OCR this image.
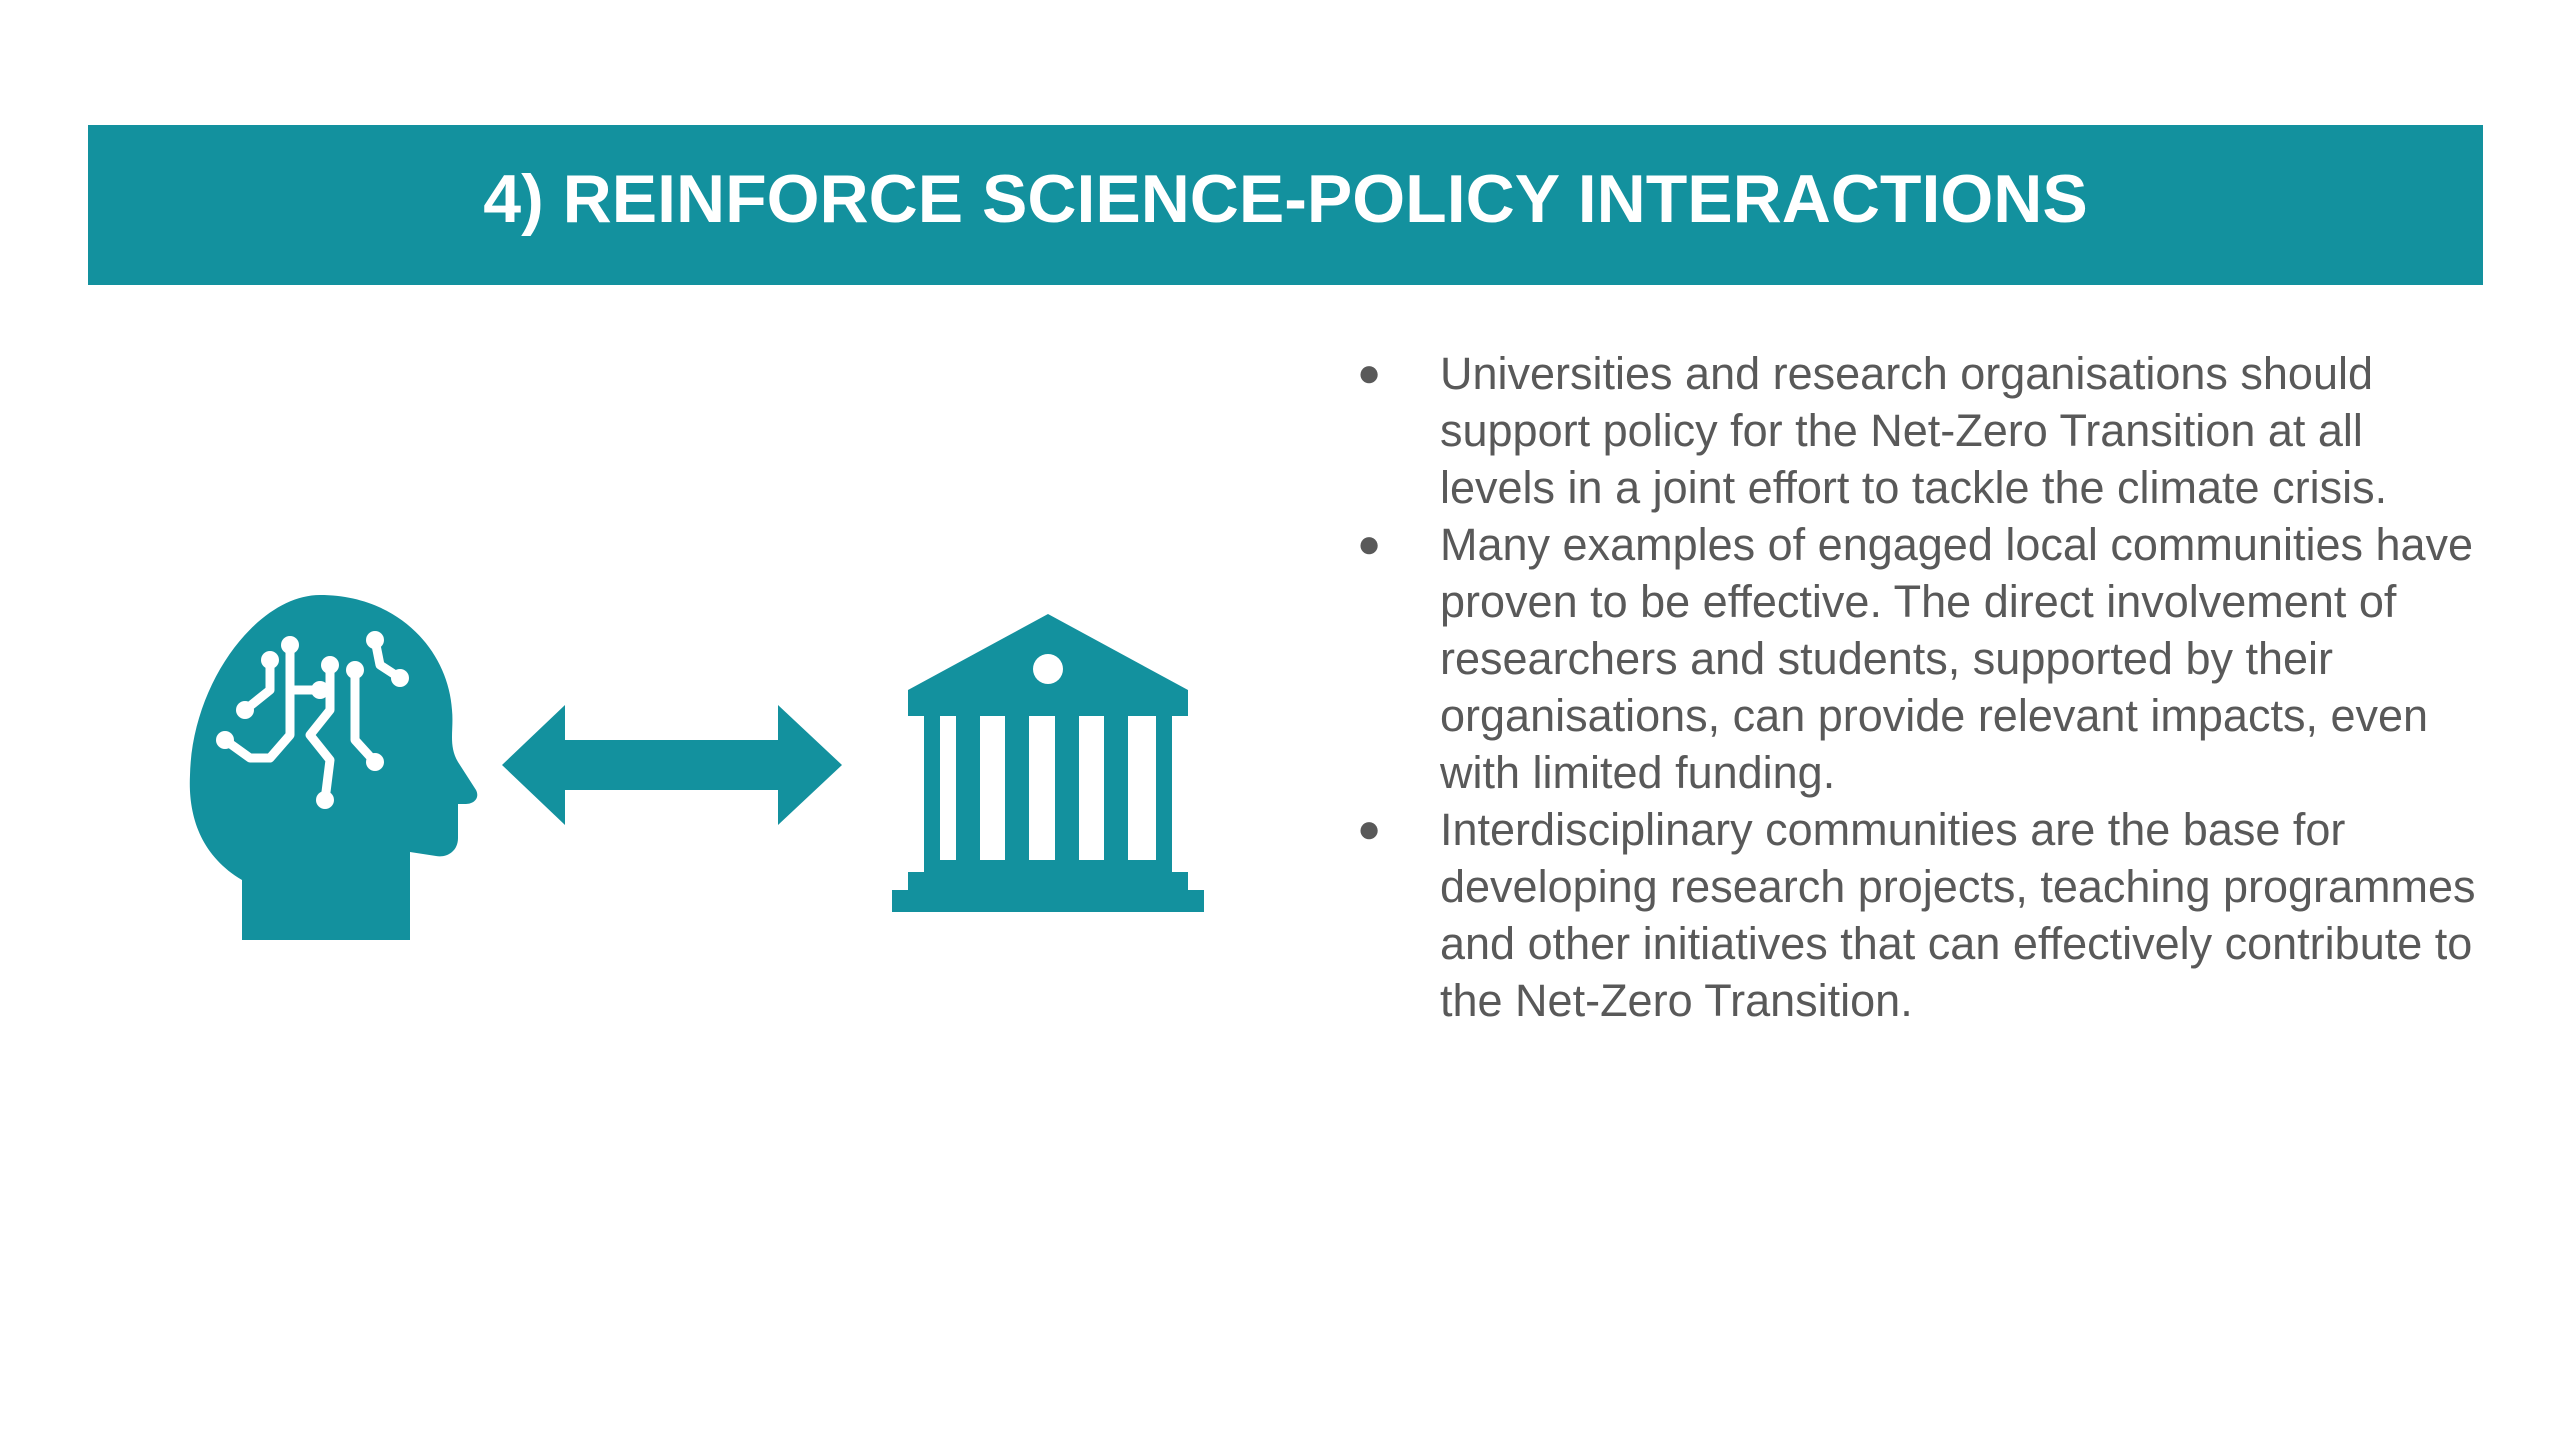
4) REINFORCE SCIENCE-POLICY INTERACTIONS
● Universities and research organisations should support policy for the Net-Zero Transition at all levels in a joint effort to tackle the climate crisis.
● Many examples of engaged local communities have proven to be effective. The direct involvement of researchers and students, supported by their organisations, can provide relevant impacts, even with limited funding.
● Interdisciplinary communities are the base for developing research projects, teaching programmes and other initiatives that can effectively contribute to the Net-Zero Transition.
